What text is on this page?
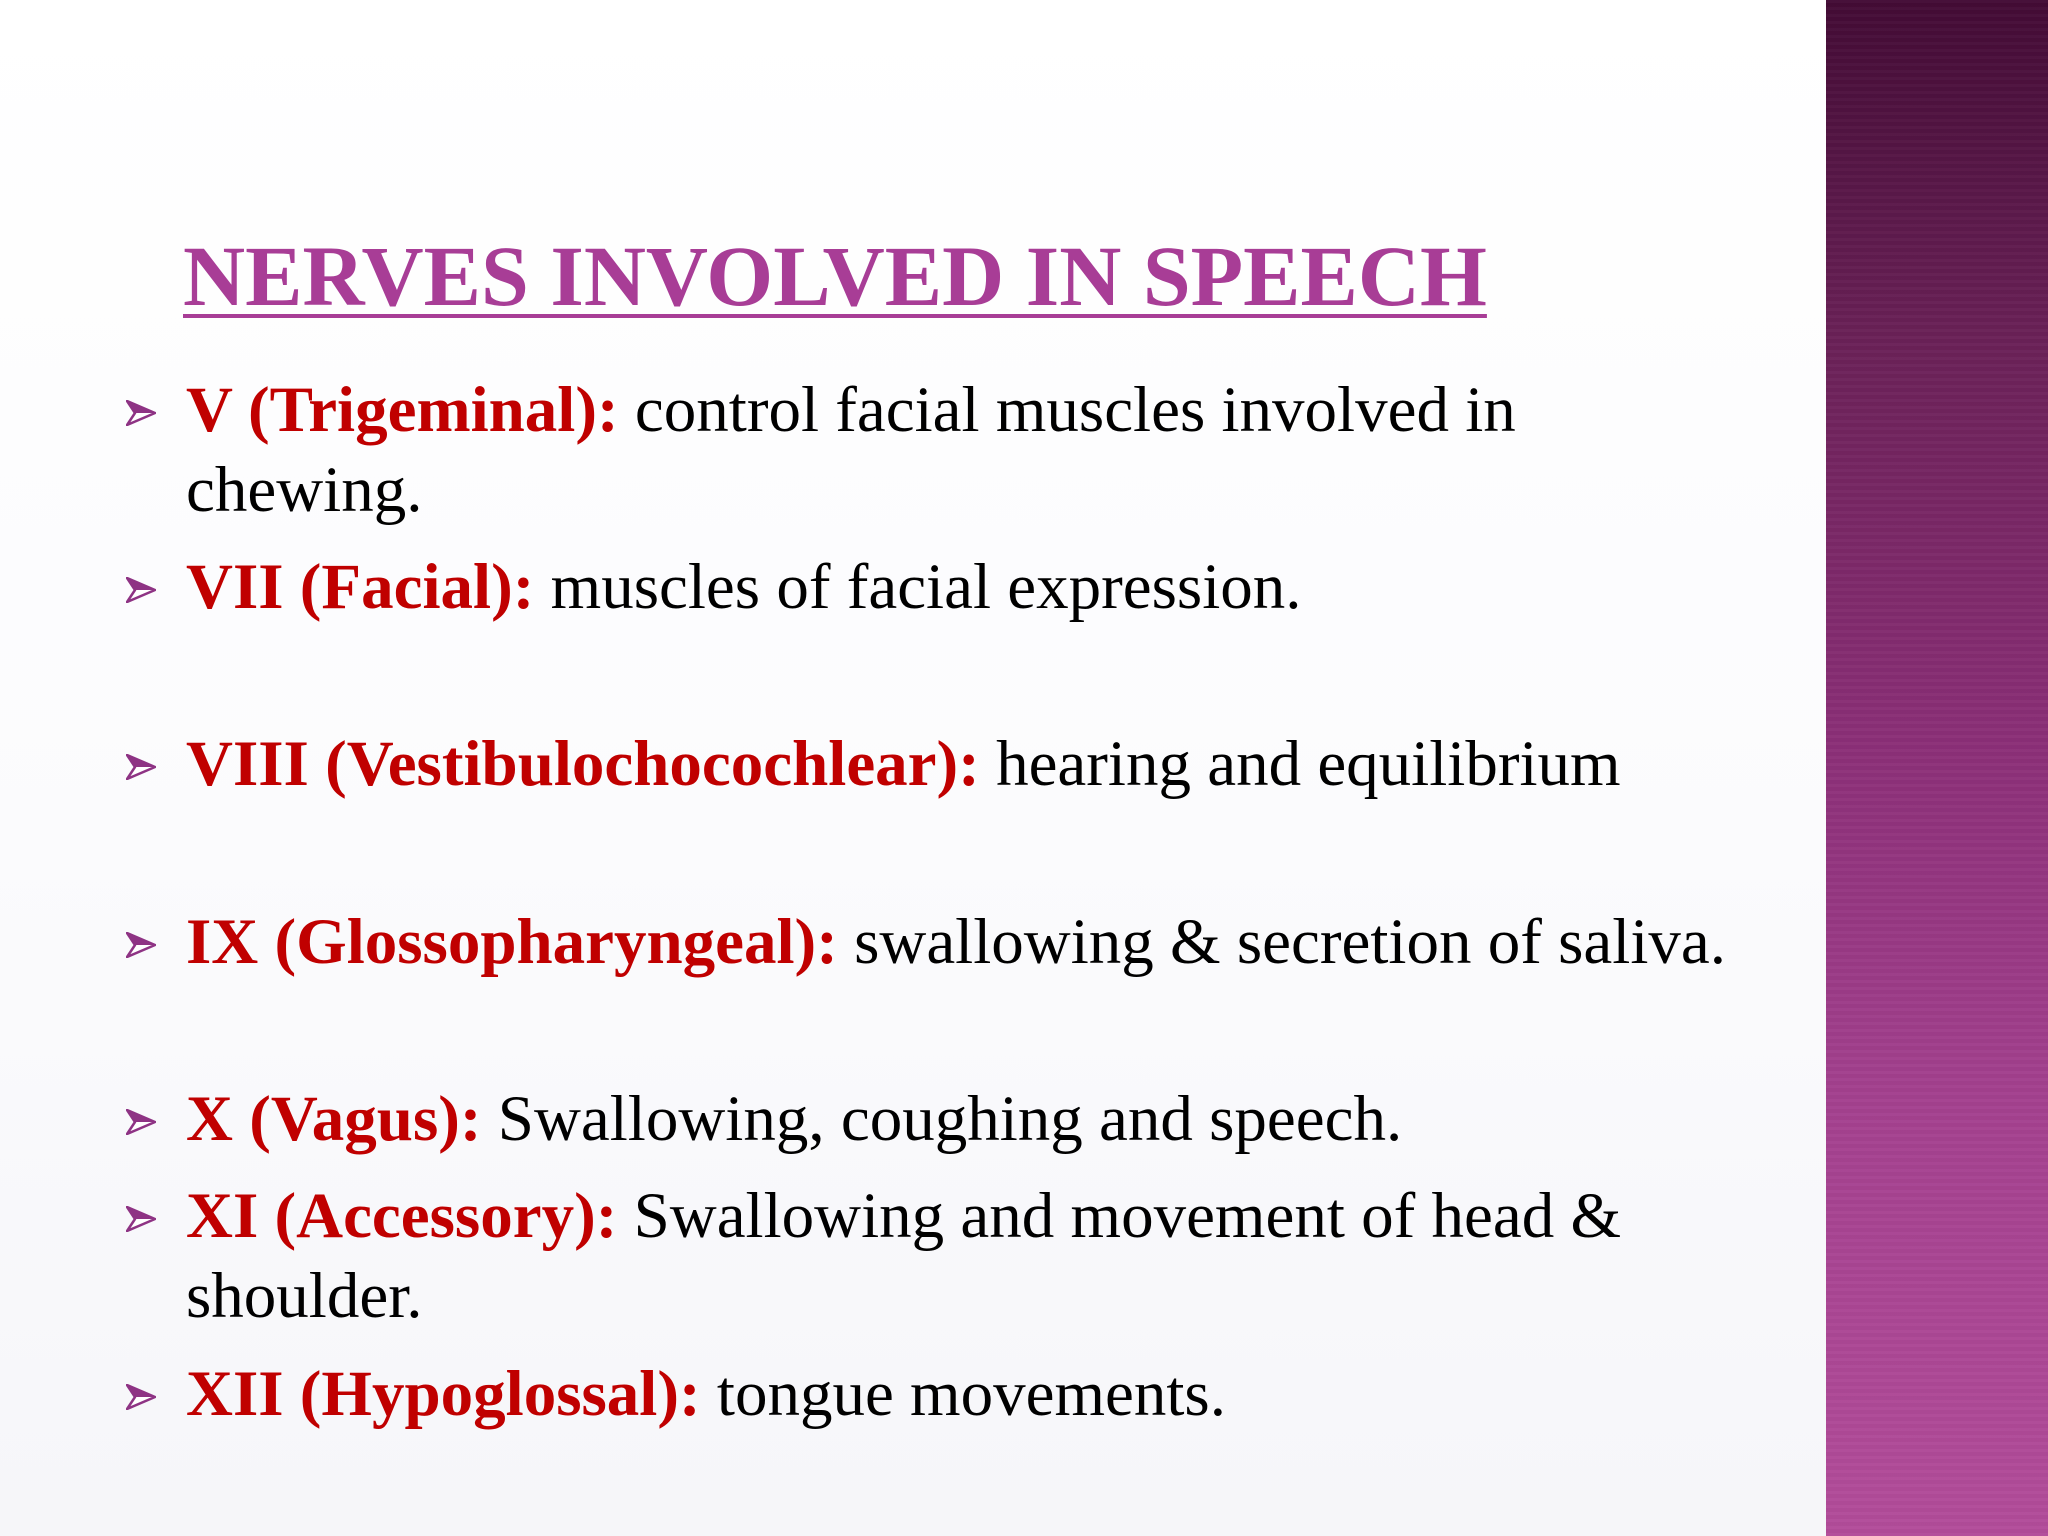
NERVES INVOLVED IN SPEECH
V (Trigeminal): control facial muscles involved in chewing.
VII (Facial): muscles of facial expression.
VIII (Vestibulochocochlear): hearing and equilibrium
IX (Glossopharyngeal): swallowing & secretion of saliva.
X (Vagus): Swallowing, coughing and speech.
XI (Accessory): Swallowing and movement of head & shoulder.
XII (Hypoglossal): tongue movements.
